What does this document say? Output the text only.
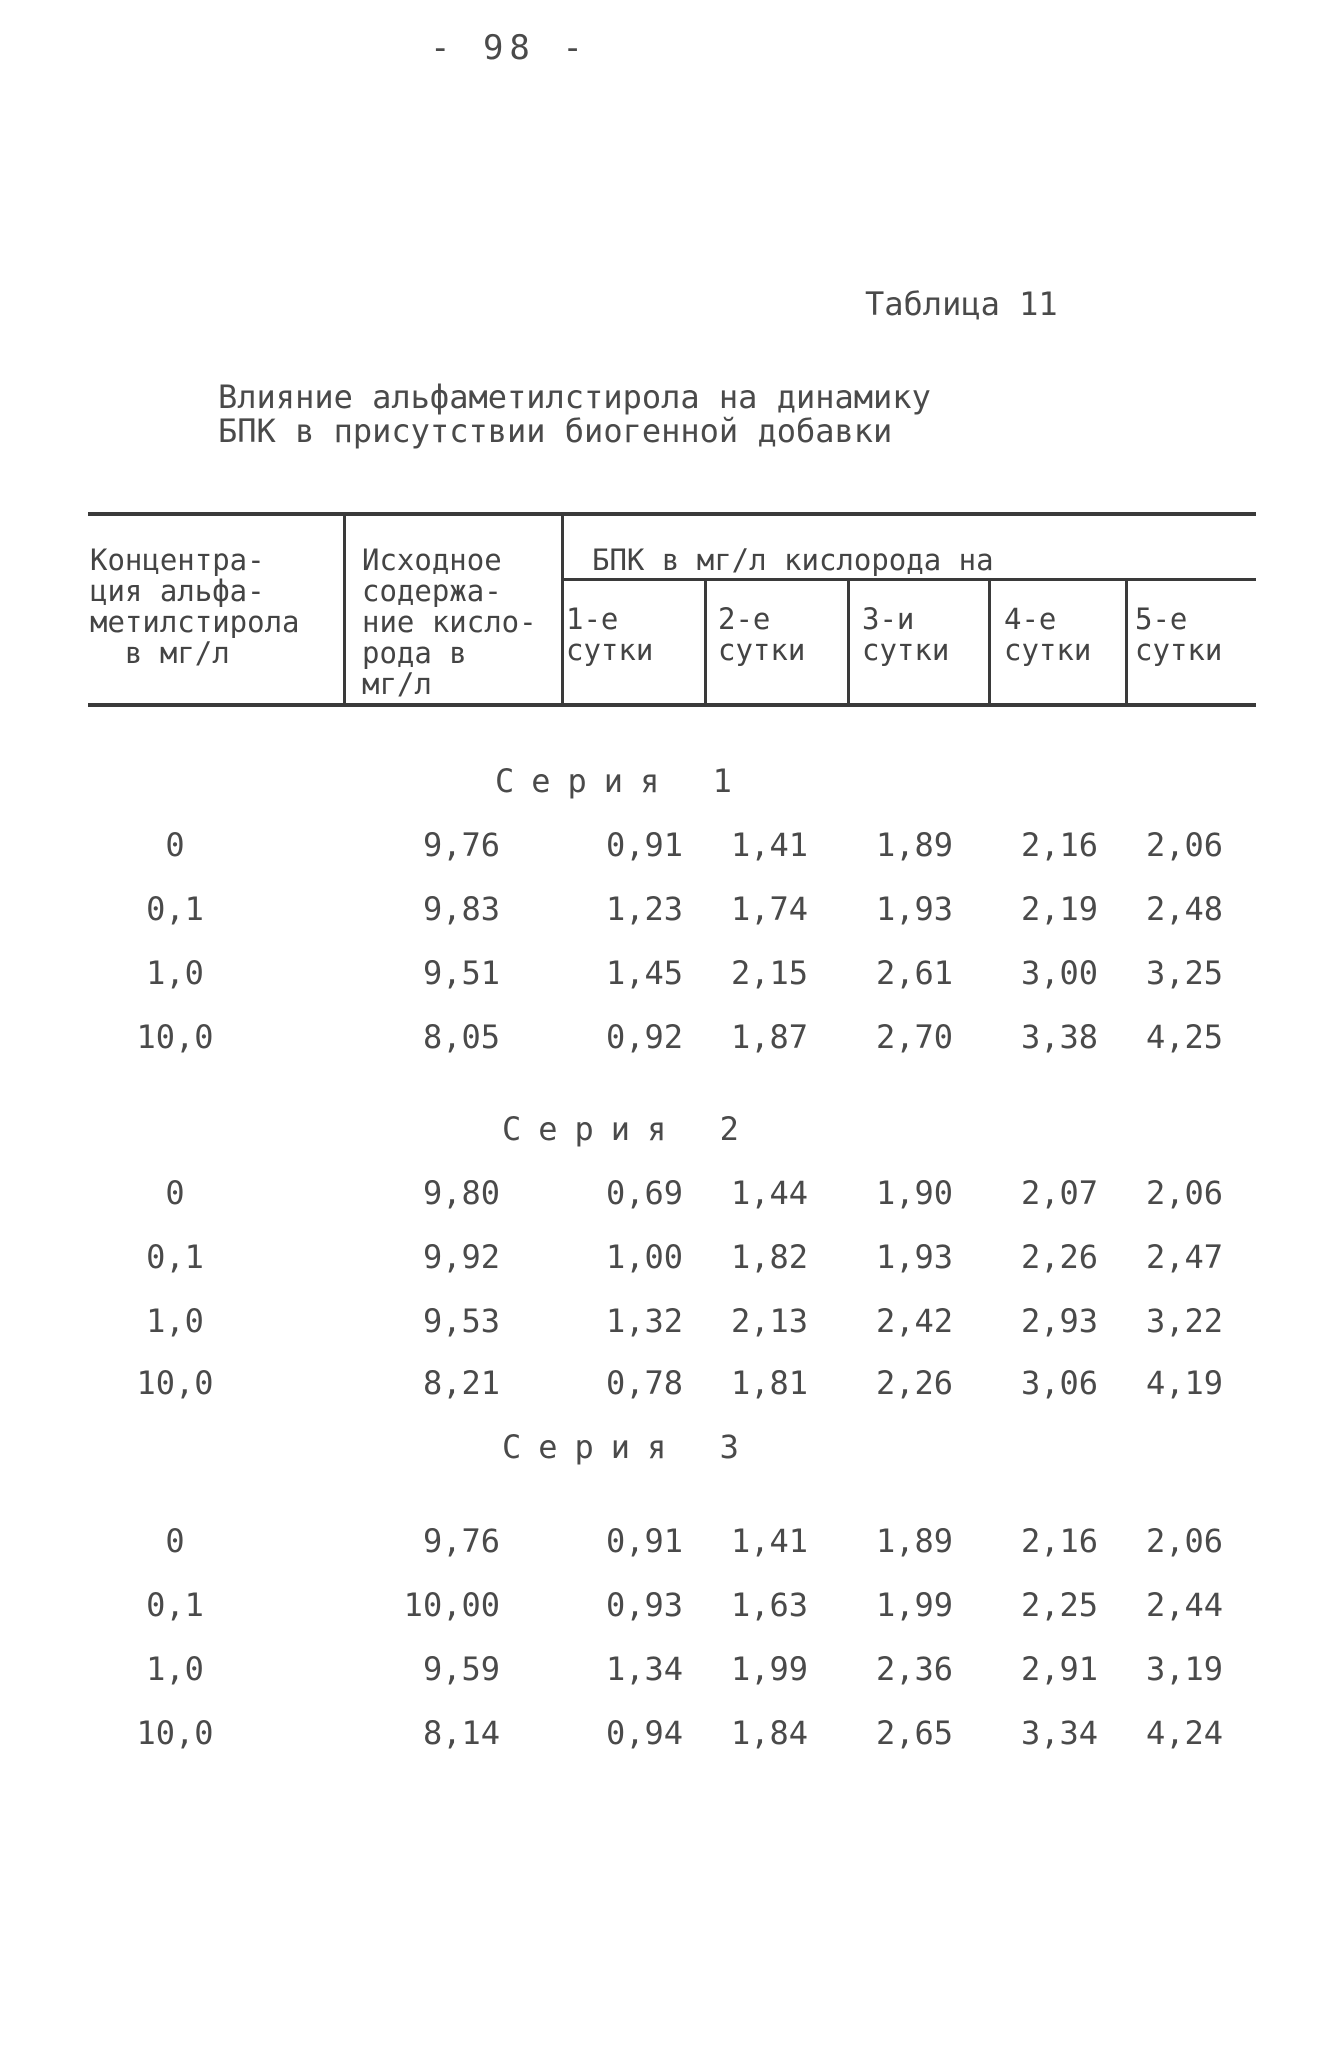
- 98 -
Таблица 11
Влияние альфаметилстирола на динамику
БПК в присутствии биогенной добавки
Концентра-
ция альфа-
метилстирола
в мг/л
Исходное
содержа-
ние кисло-
рода в
мг/л
БПК в мг/л кислорода на
1-е
сутки
2-е
сутки
3-и
сутки
4-е
сутки
5-е
сутки
Серия 1
0	9,76	0,91	1,41	1,89	2,16	2,06
0,1	9,83	1,23	1,74	1,93	2,19	2,48
1,0	9,51	1,45	2,15	2,61	3,00	3,25
10,0	8,05	0,92	1,87	2,70	3,38	4,25
Серия 2
0	9,80	0,69	1,44	1,90	2,07	2,06
0,1	9,92	1,00	1,82	1,93	2,26	2,47
1,0	9,53	1,32	2,13	2,42	2,93	3,22
10,0	8,21	0,78	1,81	2,26	3,06	4,19
Серия 3
0	9,76	0,91	1,41	1,89	2,16	2,06
0,1	10,00	0,93	1,63	1,99	2,25	2,44
1,0	9,59	1,34	1,99	2,36	2,91	3,19
10,0	8,14	0,94	1,84	2,65	3,34	4,24
